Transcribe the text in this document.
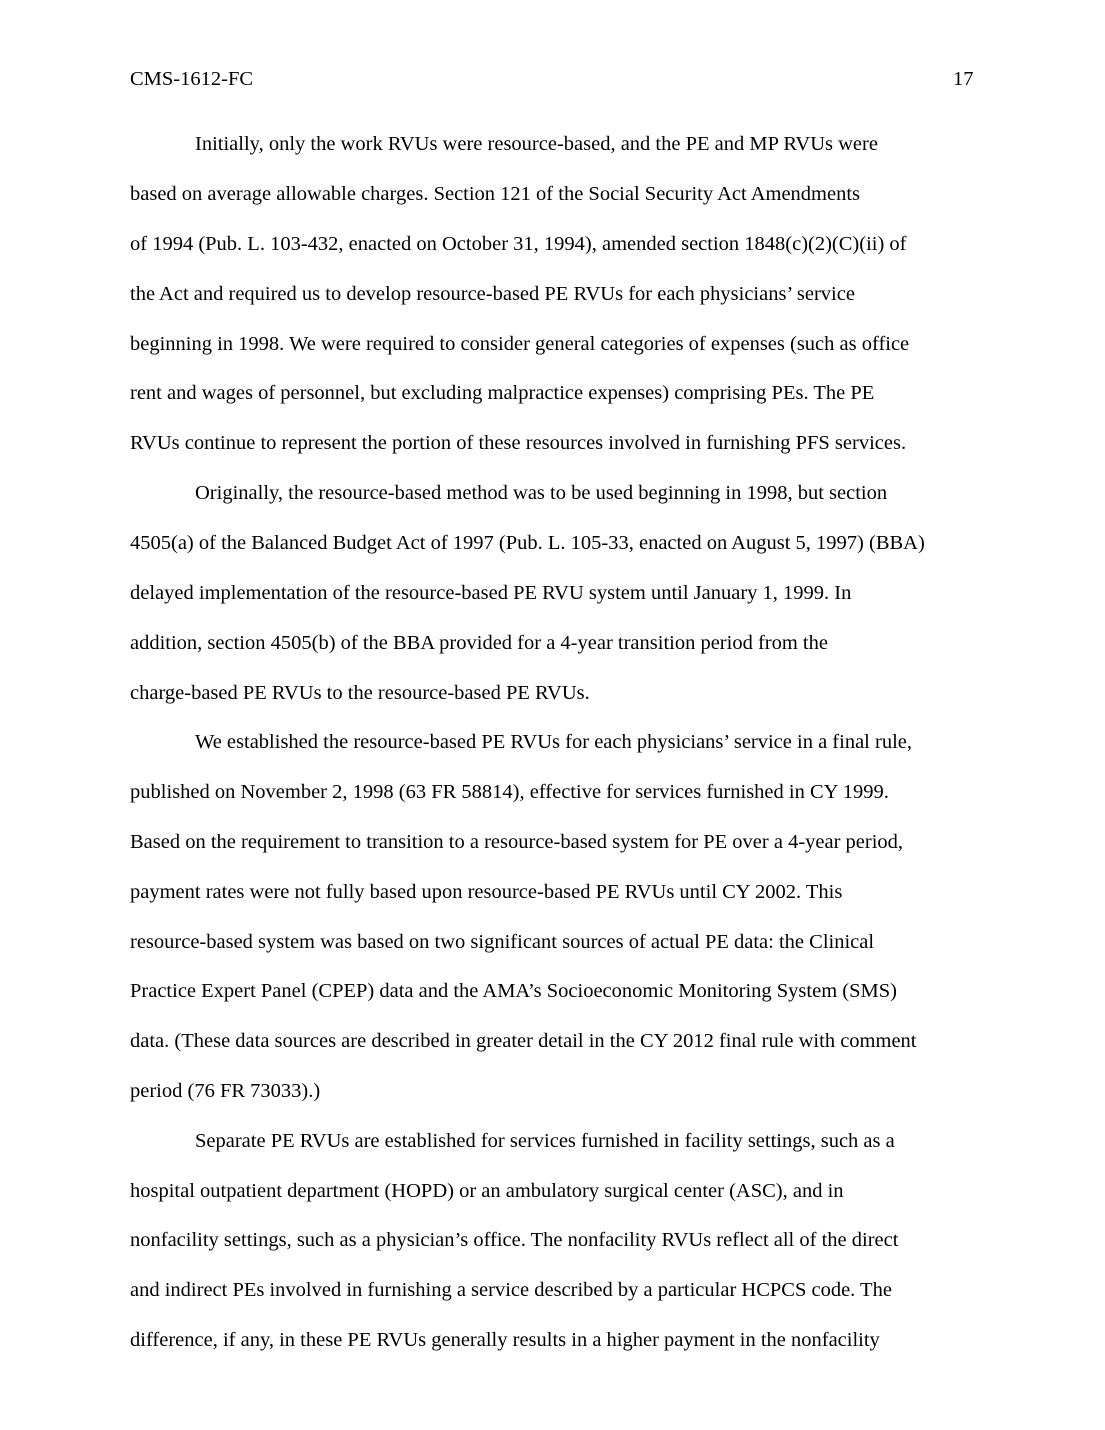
CMS-1612-FC	17
Initially, only the work RVUs were resource-based, and the PE and MP RVUs were
based on average allowable charges. Section 121 of the Social Security Act Amendments
of 1994 (Pub. L. 103-432, enacted on October 31, 1994), amended section 1848(c)(2)(C)(ii) of
the Act and required us to develop resource-based PE RVUs for each physicians’ service
beginning in 1998. We were required to consider general categories of expenses (such as office
rent and wages of personnel, but excluding malpractice expenses) comprising PEs. The PE
RVUs continue to represent the portion of these resources involved in furnishing PFS services.
Originally, the resource-based method was to be used beginning in 1998, but section
4505(a) of the Balanced Budget Act of 1997 (Pub. L. 105-33, enacted on August 5, 1997) (BBA)
delayed implementation of the resource-based PE RVU system until January 1, 1999. In
addition, section 4505(b) of the BBA provided for a 4-year transition period from the
charge-based PE RVUs to the resource-based PE RVUs.
We established the resource-based PE RVUs for each physicians’ service in a final rule,
published on November 2, 1998 (63 FR 58814), effective for services furnished in CY 1999.
Based on the requirement to transition to a resource-based system for PE over a 4-year period,
payment rates were not fully based upon resource-based PE RVUs until CY 2002. This
resource-based system was based on two significant sources of actual PE data: the Clinical
Practice Expert Panel (CPEP) data and the AMA’s Socioeconomic Monitoring System (SMS)
data. (These data sources are described in greater detail in the CY 2012 final rule with comment
period (76 FR 73033).)
Separate PE RVUs are established for services furnished in facility settings, such as a
hospital outpatient department (HOPD) or an ambulatory surgical center (ASC), and in
nonfacility settings, such as a physician’s office. The nonfacility RVUs reflect all of the direct
and indirect PEs involved in furnishing a service described by a particular HCPCS code. The
difference, if any, in these PE RVUs generally results in a higher payment in the nonfacility
